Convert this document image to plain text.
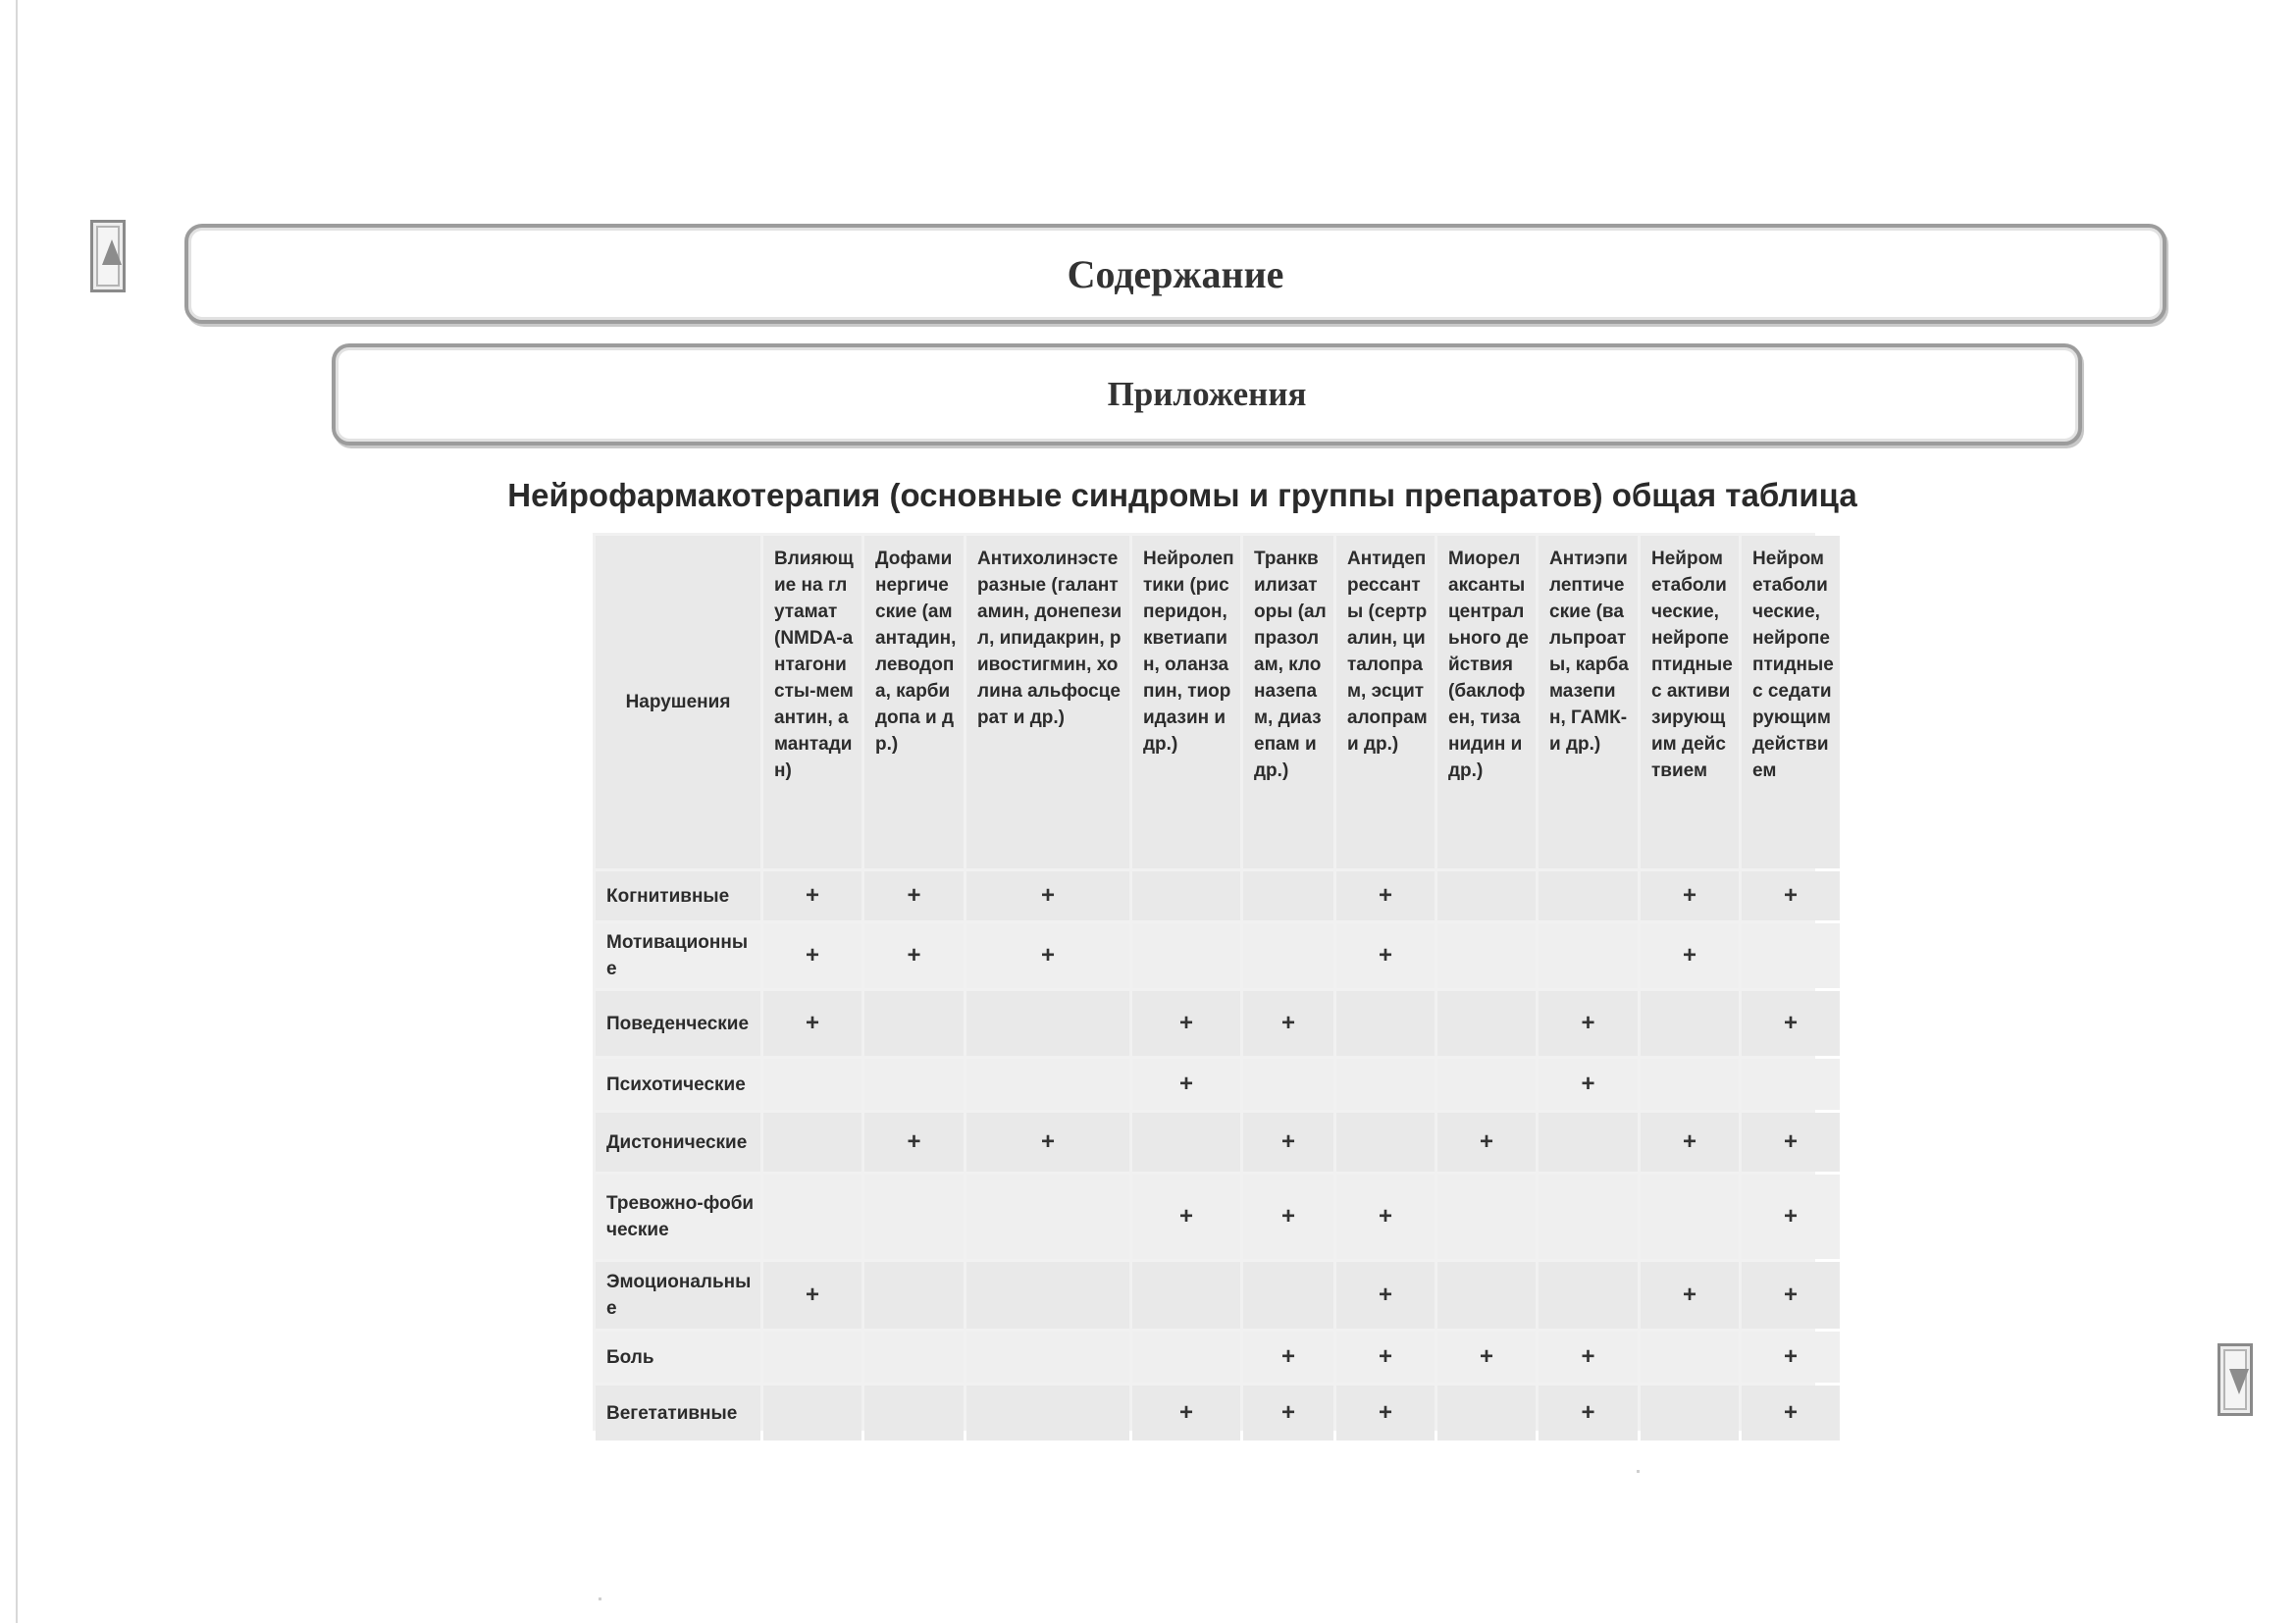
Содержание
Приложения
Нейрофармакотерапия (основные синдромы и группы препаратов) общая таблица
Нарушения	Влияющие на глутамат (NMDA-антагонисты-мемантин, амантадин)	Дофаминергические (амантадин, леводопа, карбидопа и др.)	Антихолинэстеразные (галантамин, донепезил, ипидакрин, ривостигмин, холина альфосцерат и др.)	Нейролептики (рисперидон, кветиапин, оланзапин, тиоридазин и др.)	Транквилизаторы (алпразолам, клоназепам, диазепам и др.)	Антидепрессанты (сертралин, циталопрам, эсциталопрам и др.)	Миорелаксанты центрального действия (баклофен, тизанидин и др.)	Антиэпилептические (вальпроаты, карбамазепин, ГАМК-и др.)	Нейрометаболические, нейропептидные с активизирующим действием	Нейрометаболические, нейропептидные с седатирующим действием
Когнитивные	+	+	+			+			+	+
Мотивационные	+	+	+			+			+	
Поведенческие	+			+	+			+		+
Психотические				+				+		
Дистонические		+	+		+		+		+	+
Тревожно-фобические				+	+	+				+
Эмоциональные	+					+			+	+
Боль					+	+	+	+		+
Вегетативные				+	+	+		+		+
